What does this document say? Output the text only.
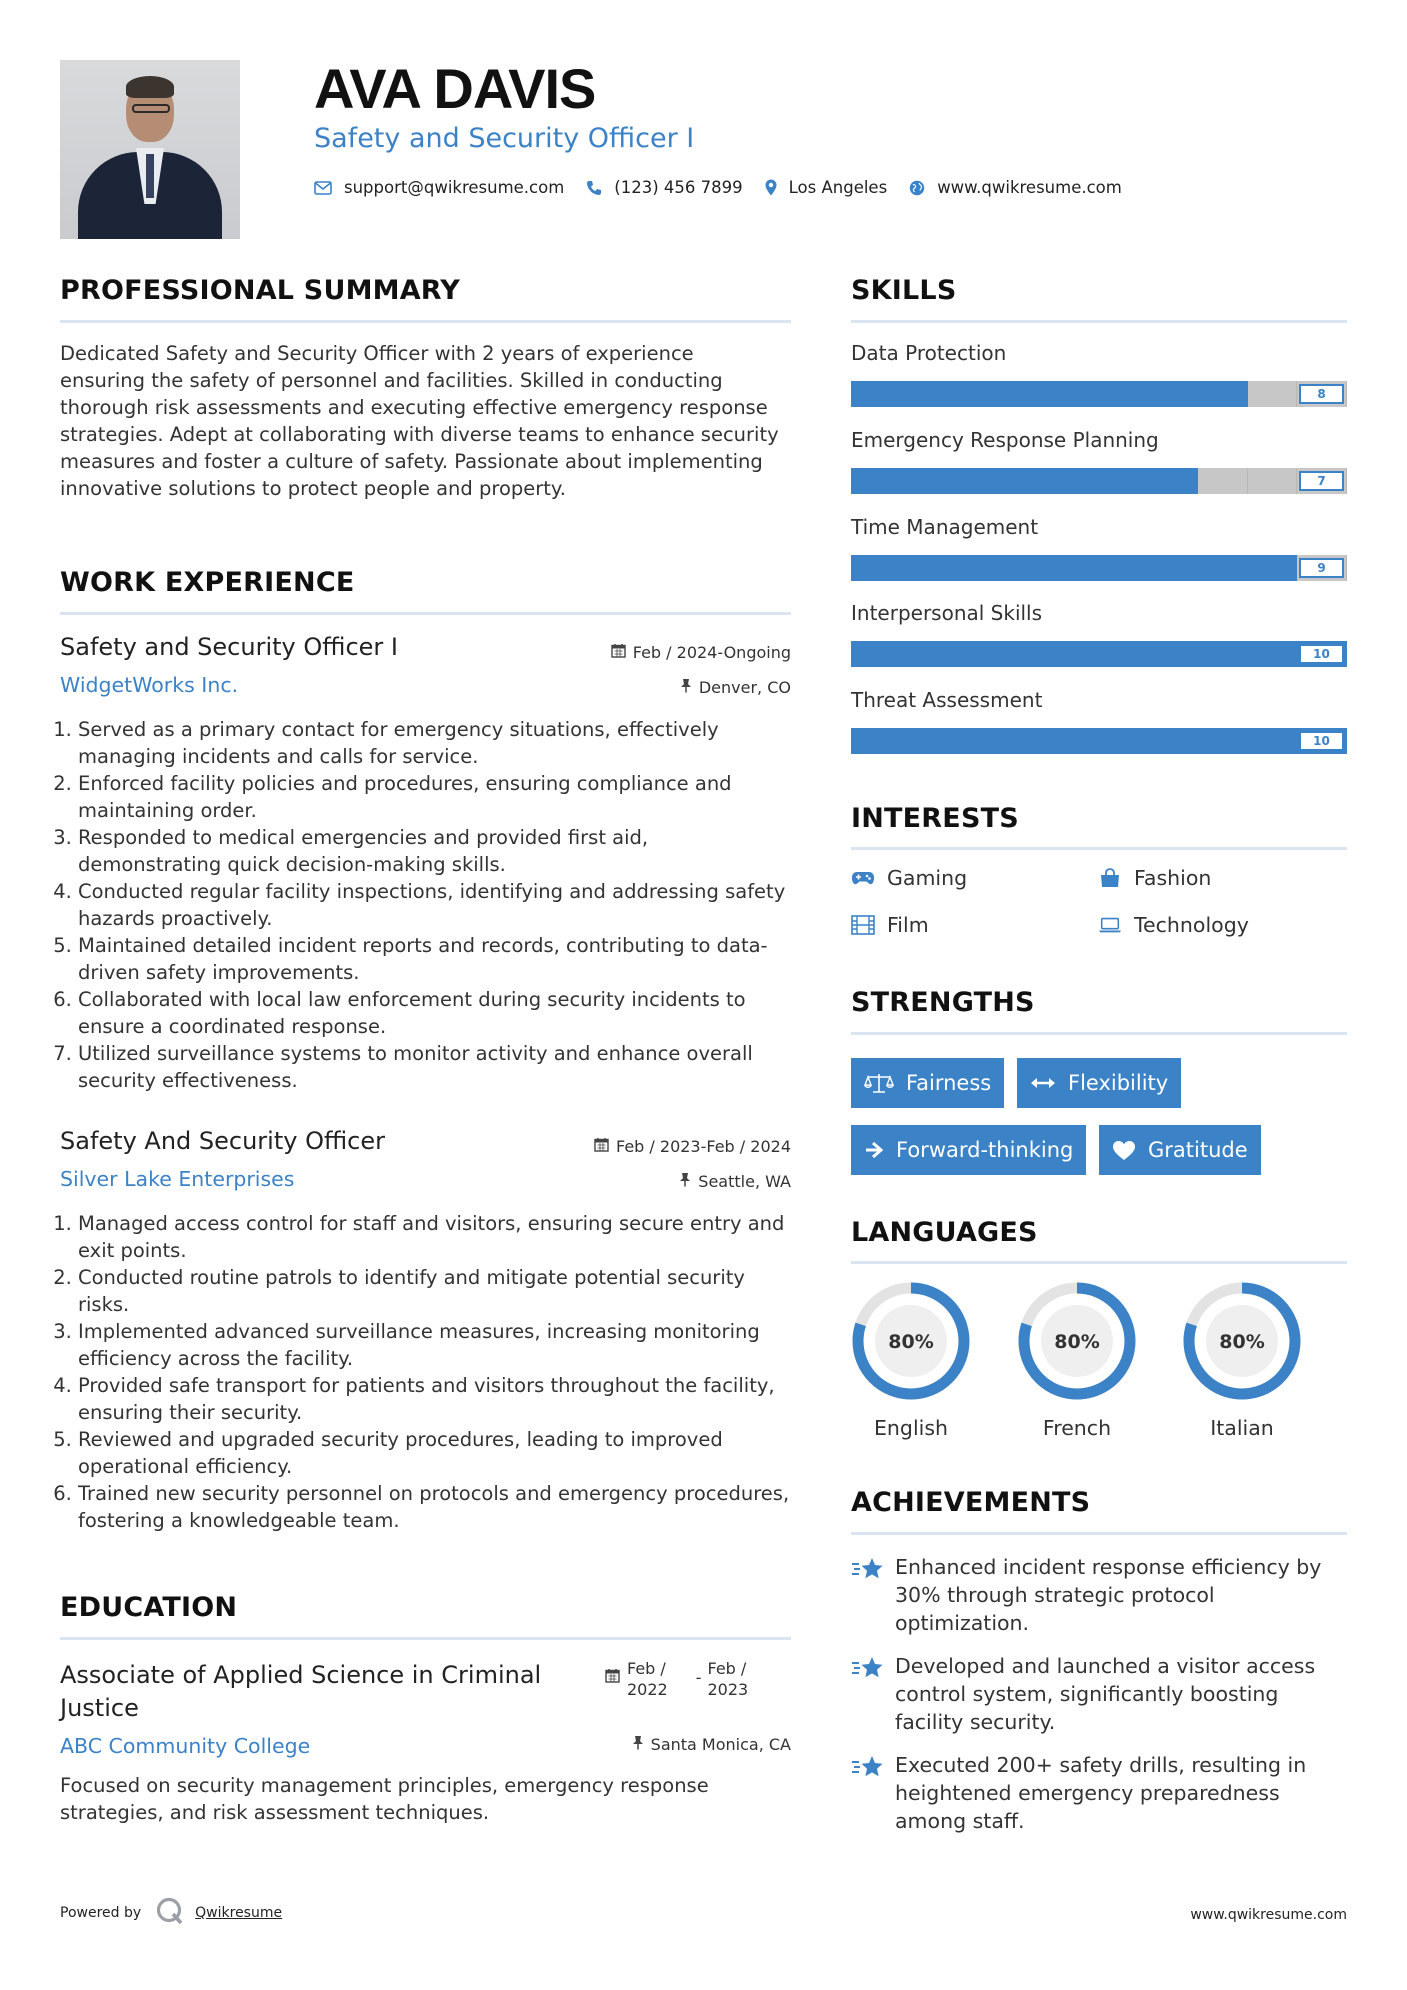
AVA DAVIS
Safety and Security Officer I
support@qwikresume.com	(123) 456 7899	Los Angeles	www.qwikresume.com
PROFESSIONAL SUMMARY
Dedicated Safety and Security Officer with 2 years of experience ensuring the safety of personnel and facilities. Skilled in conducting thorough risk assessments and executing effective emergency response strategies. Adept at collaborating with diverse teams to enhance security measures and foster a culture of safety. Passionate about implementing innovative solutions to protect people and property.
WORK EXPERIENCE
Safety and Security Officer I	Feb / 2024-Ongoing
WidgetWorks Inc.	Denver, CO
1. Served as a primary contact for emergency situations, effectively managing incidents and calls for service.
2. Enforced facility policies and procedures, ensuring compliance and maintaining order.
3. Responded to medical emergencies and provided first aid, demonstrating quick decision-making skills.
4. Conducted regular facility inspections, identifying and addressing safety hazards proactively.
5. Maintained detailed incident reports and records, contributing to data-driven safety improvements.
6. Collaborated with local law enforcement during security incidents to ensure a coordinated response.
7. Utilized surveillance systems to monitor activity and enhance overall security effectiveness.
Safety And Security Officer	Feb / 2023-Feb / 2024
Silver Lake Enterprises	Seattle, WA
1. Managed access control for staff and visitors, ensuring secure entry and exit points.
2. Conducted routine patrols to identify and mitigate potential security risks.
3. Implemented advanced surveillance measures, increasing monitoring efficiency across the facility.
4. Provided safe transport for patients and visitors throughout the facility, ensuring their security.
5. Reviewed and upgraded security procedures, leading to improved operational efficiency.
6. Trained new security personnel on protocols and emergency procedures, fostering a knowledgeable team.
EDUCATION
Associate of Applied Science in Criminal Justice
Feb /
2022
- Feb /
2023
ABC Community College	Santa Monica, CA
Focused on security management principles, emergency response strategies, and risk assessment techniques.
SKILLS
Data Protection
8
Emergency Response Planning
7
Time Management
9
Interpersonal Skills
10
Threat Assessment
10
INTERESTS
Gaming	Fashion
Film	Technology
STRENGTHS
Fairness	Flexibility
Forward-thinking	Gratitude
LANGUAGES
80%
English
80%
French
80%
Italian
ACHIEVEMENTS
Enhanced incident response efficiency by 30% through strategic protocol optimization.
Developed and launched a visitor access control system, significantly boosting facility security.
Executed 200+ safety drills, resulting in heightened emergency preparedness among staff.
Powered by	Qwikresume	www.qwikresume.com
